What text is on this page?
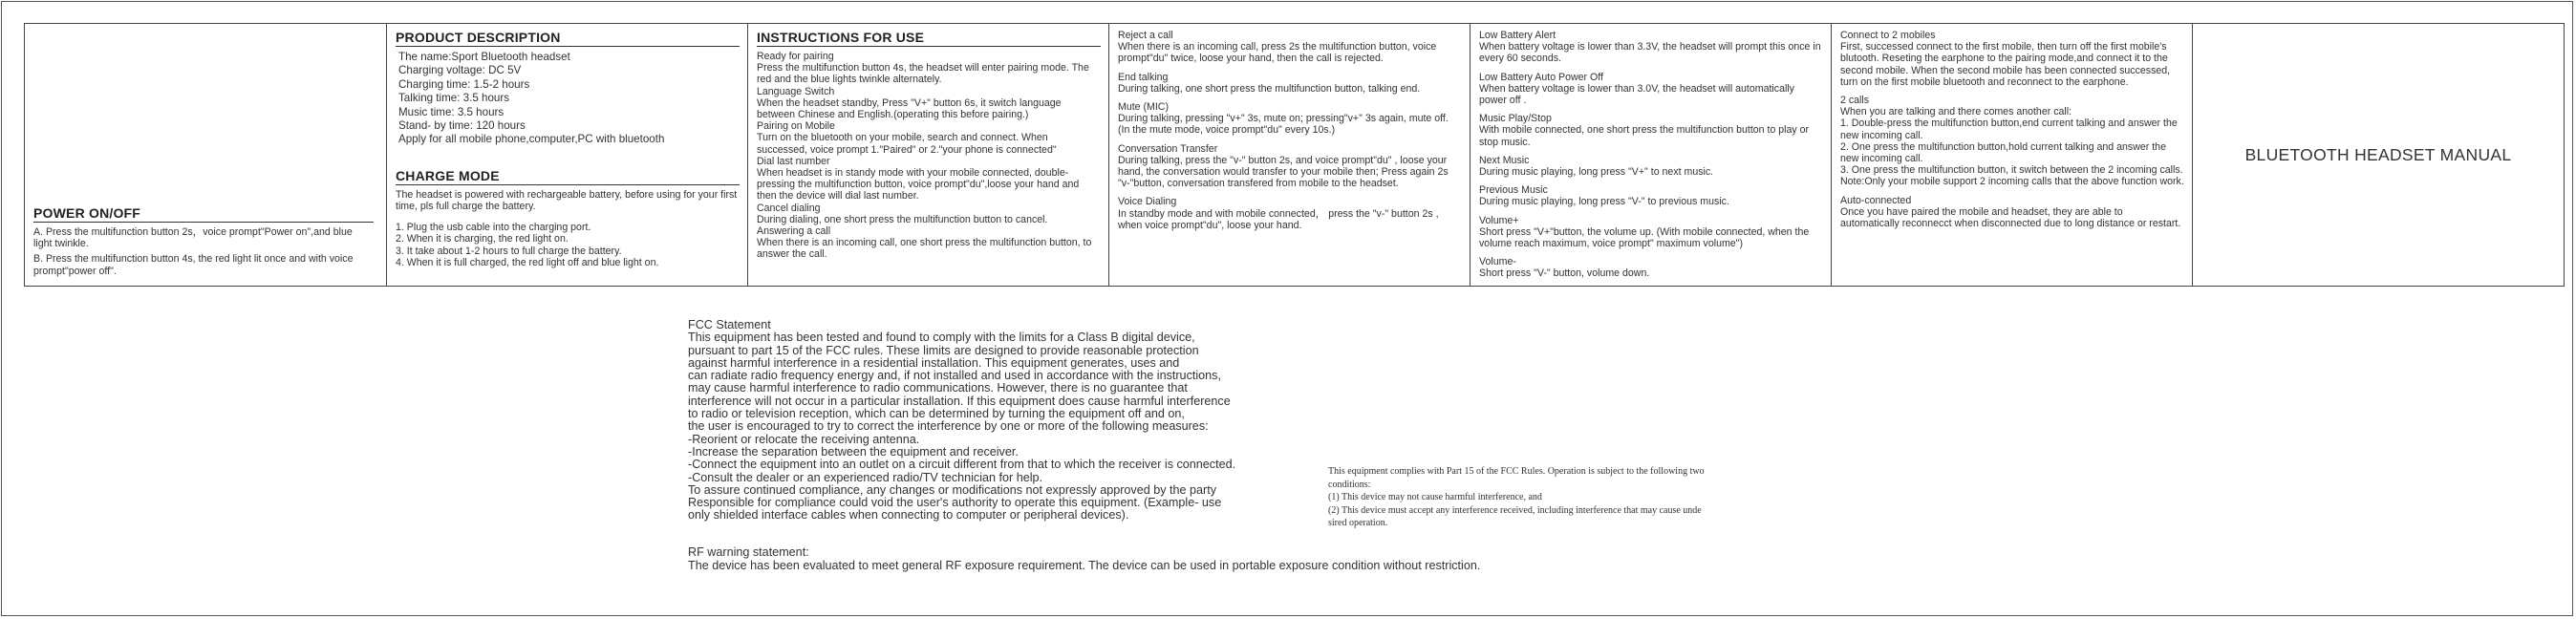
POWER ON/OFF

A. Press the multifunction button 2s，voice prompt"Power on",and blue light twinkle.

B. Press the multifunction button 4s, the red light lit once and with voice prompt"power off".

PRODUCT DESCRIPTION
The name:Sport Bluetooth headset
Charging voltage: DC 5V
Charging time: 1.5-2 hours
Talking time: 3.5 hours
Music time: 3.5 hours
Stand- by time: 120 hours
Apply for all mobile phone,computer,PC with bluetooth
CHARGE MODE

The headset is powered with rechargeable battery, before using for your first time, pls full charge the battery.

1. Plug the usb cable into the charging port.
2. When it is charging, the red light on.
3. It take about 1-2 hours to full charge the battery.
4. When it is full charged, the red light off and blue light on.
INSTRUCTIONS FOR USE

Ready for pairing

Press the multifunction button 4s, the headset will enter pairing mode. The red and the blue lights twinkle alternately.

Language Switch

When the headset standby, Press "V+" button 6s, it switch language between Chinese and English.(operating this before pairing.)

Pairing on Mobile

Turn on the bluetooth on your mobile, search and connect. When successed, voice prompt 1."Paired" or 2."your phone is connected"

Dial last number

When headset is in standy mode with your mobile connected, double-pressing the multifunction button, voice prompt"du",loose your hand and then the device will dial last number.

Cancel dialing

During dialing, one short press the multifunction button to cancel.

Answering a call

When there is an incoming call, one short press the multifunction button, to answer the call.

Reject a call

When there is an incoming call, press 2s the multifunction button, voice prompt"du" twice, loose your hand, then the call is rejected.

End talking

During talking, one short press the multifunction button, talking end.

Mute (MIC)

During talking, pressing "v+" 3s, mute on; pressing"v+" 3s again, mute off. (In the mute mode, voice prompt"du" every 10s.)

Conversation Transfer

During talking, press the "v-" button 2s, and voice prompt"du" , loose your hand, the conversation would transfer to your mobile then; Press again 2s "v-"button, conversation transfered from mobile to the headset.

Voice Dialing

In standby mode and with mobile connected， press the "v-" button 2s , when voice prompt"du", loose your hand.

Low Battery Alert

When battery voltage is lower than 3.3V, the headset will prompt this once in every 60 seconds.

Low Battery Auto Power Off

When battery voltage is lower than 3.0V, the headset will automatically power off .

Music Play/Stop

With mobile connected, one short press the multifunction button to play or stop music.

Next Music

During music playing, long press "V+" to next music.

Previous Music

During music playing, long press "V-" to previous music.

Volume+

Short press "V+"button, the volume up. (With mobile connected, when the volume reach maximum, voice prompt" maximum volume")

Volume-

Short press "V-" button, volume down.

Connect to 2 mobiles

First, successed connect to the first mobile, then turn off the first mobile's blutooth. Reseting the earphone to the pairing mode,and connect it to the second mobile. When the second mobile has been connected successed, turn on the first mobile bluetooth and reconnect to the earphone.

2 calls

When you are talking and there comes another call:
1. Double-press the multifunction button,end current talking and answer the new incoming call.
2. One press the multifunction button,hold current talking and answer the new incoming call.
3. One press the multifunction button, it switch between the 2 incoming calls.
Note:Only your mobile support 2 incoming calls that the above function work.

Auto-connected

Once you have paired the mobile and headset, they are able to automatically reconnecct when disconnected due to long distance or restart.

BLUETOOTH HEADSET MANUAL
FCC Statement
This equipment has been tested and found to comply with the limits for a Class B digital device,
pursuant to part 15 of the FCC rules. These limits are designed to provide reasonable protection
against harmful interference in a residential installation. This equipment generates, uses and
can radiate radio frequency energy and, if not installed and used in accordance with the instructions,
may cause harmful interference to radio communications. However, there is no guarantee that
interference will not occur in a particular installation. If this equipment does cause harmful interference
to radio or television reception, which can be determined by turning the equipment off and on,
the user is encouraged to try to correct the interference by one or more of the following measures:
-Reorient or relocate the receiving antenna.
-Increase the separation between the equipment and receiver.
-Connect the equipment into an outlet on a circuit different from that to which the receiver is connected.
-Consult the dealer or an experienced radio/TV technician for help.
To assure continued compliance, any changes or modifications not expressly approved by the party
Responsible for compliance could void the user's authority to operate this equipment. (Example- use
only shielded interface cables when connecting to computer or peripheral devices).
This equipment complies with Part 15 of the FCC Rules. Operation is subject to the following two
conditions:
(1) This device may not cause harmful interference, and
(2) This device must accept any interference received, including interference that may cause unde
sired operation.
RF warning statement:
The device has been evaluated to meet general RF exposure requirement. The device can be used in portable exposure condition without restriction.
